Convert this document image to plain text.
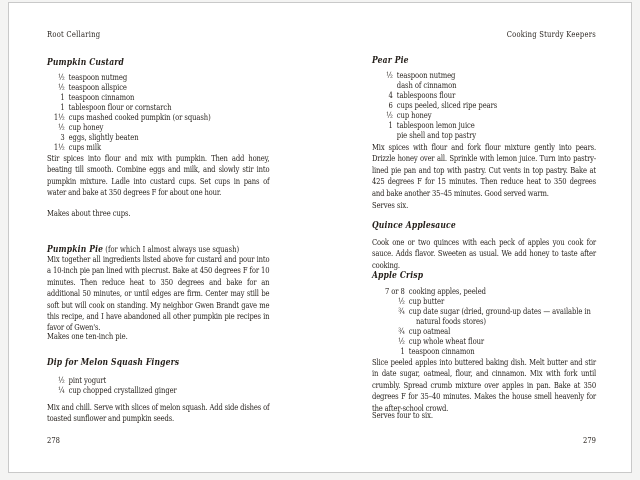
Root Cellaring
Pumpkin Custard
½ teaspoon nutmeg
½ teaspoon allspice
1 teaspoon cinnamon
1 tablespoon flour or cornstarch
1½ cups mashed cooked pumpkin (or squash)
½ cup honey
3 eggs, slightly beaten
1½ cups milk
Stir spices into flour and mix with pumpkin. Then add honey, beating till smooth. Combine eggs and milk, and slowly stir into pumpkin mixture. Ladle into custard cups. Set cups in pans of water and bake at 350 degrees F for about one hour.
Makes about three cups.
Pumpkin Pie (for which I almost always use squash)
Mix together all ingredients listed above for custard and pour into a 10-inch pie pan lined with piecrust. Bake at 450 degrees F for 10 minutes. Then reduce heat to 350 degrees and bake for an additional 50 minutes, or until edges are firm. Center may still be soft but will cook on standing. My neighbor Gwen Brandt gave me this recipe, and I have abandoned all other pumpkin pie recipes in favor of Gwen's.
Makes one ten-inch pie.
Dip for Melon Squash Fingers
½ pint yogurt
¼ cup chopped crystallized ginger
Mix and chill. Serve with slices of melon squash. Add side dishes of toasted sunflower and pumpkin seeds.
278
Cooking Sturdy Keepers
Pear Pie
½ teaspoon nutmeg
dash of cinnamon
4 tablespoons flour
6 cups peeled, sliced ripe pears
½ cup honey
1 tablespoon lemon juice
pie shell and top pastry
Mix spices with flour and fork flour mixture gently into pears. Drizzle honey over all. Sprinkle with lemon juice. Turn into pastry-lined pie pan and top with pastry. Cut vents in top pastry. Bake at 425 degrees F for 15 minutes. Then reduce heat to 350 degrees and bake another 35–45 minutes. Good served warm.
Serves six.
Quince Applesauce
Cook one or two quinces with each peck of apples you cook for sauce. Adds flavor. Sweeten as usual. We add honey to taste after cooking.
Apple Crisp
7 or 8 cooking apples, peeled
½ cup butter
¾ cup date sugar (dried, ground-up dates — available in
natural foods stores)
¾ cup oatmeal
½ cup whole wheat flour
1 teaspoon cinnamon
Slice peeled apples into buttered baking dish. Melt butter and stir in date sugar, oatmeal, flour, and cinnamon. Mix with fork until crumbly. Spread crumb mixture over apples in pan. Bake at 350 degrees F for 35–40 minutes. Makes the house smell heavenly for the after-school crowd.
Serves four to six.
279
